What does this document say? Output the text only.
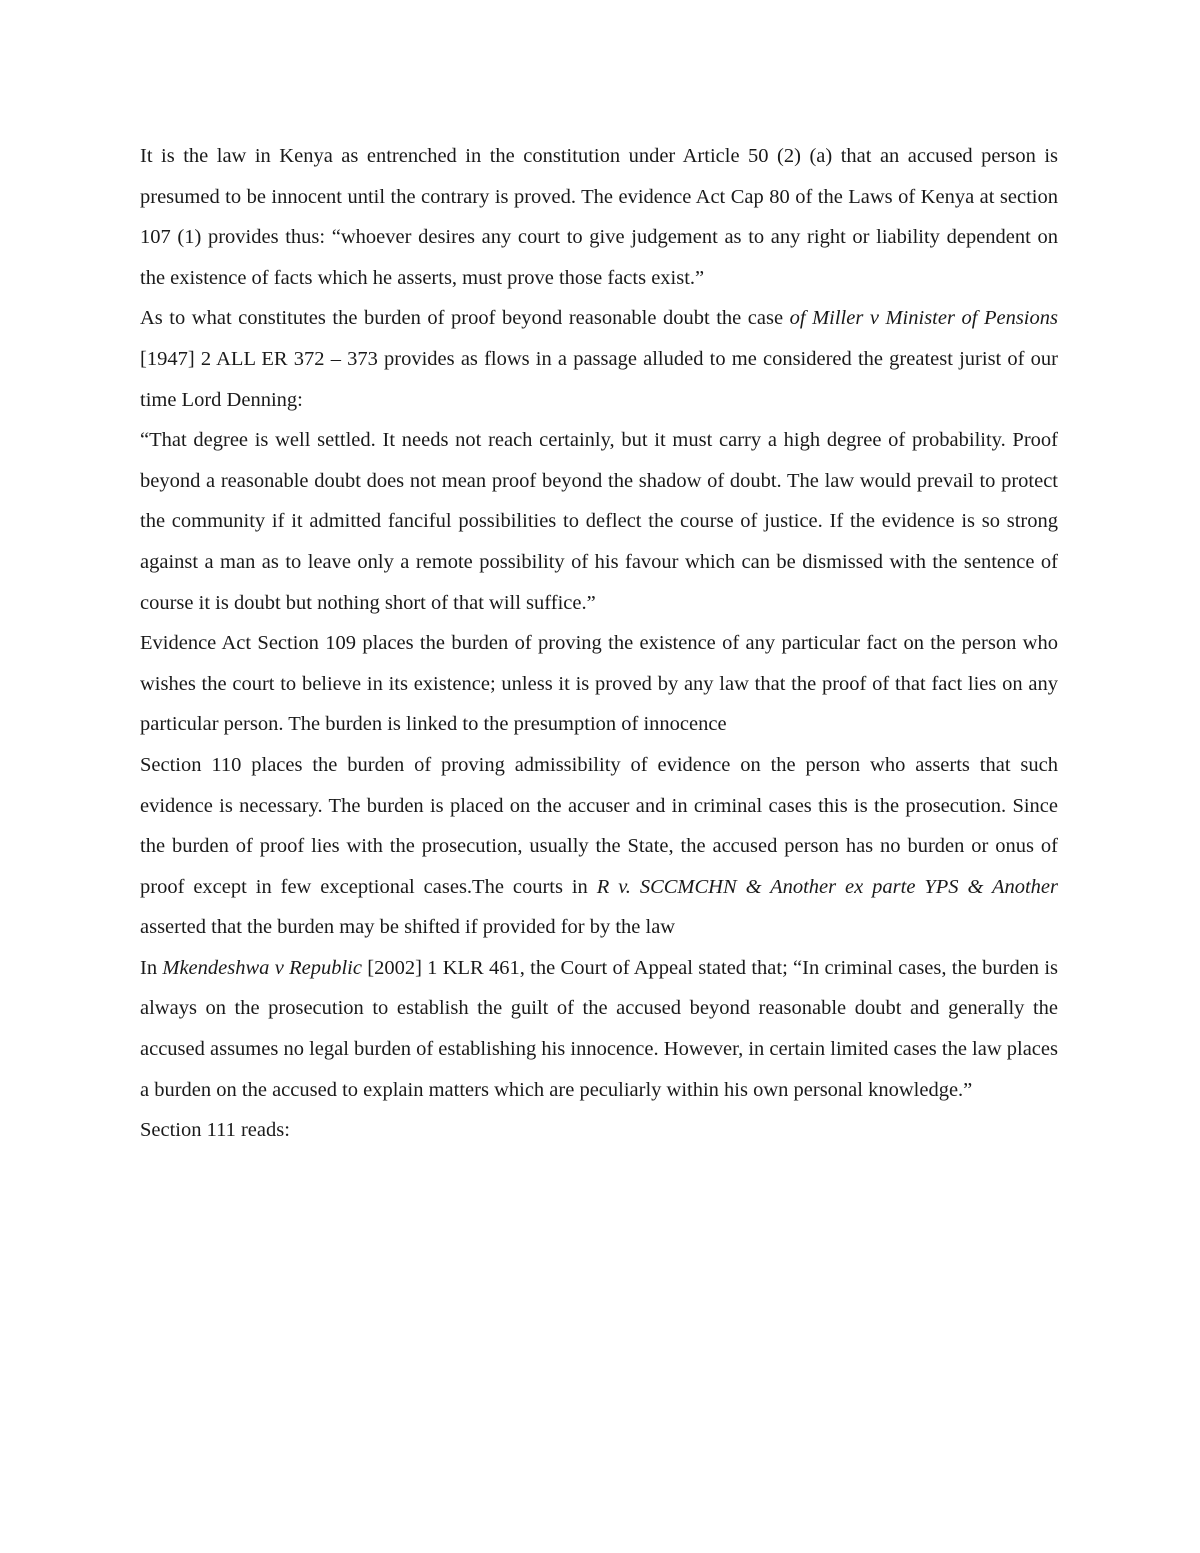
It is the law in Kenya as entrenched in the constitution under Article 50 (2) (a) that an accused person is presumed to be innocent until the contrary is proved. The evidence Act Cap 80 of the Laws of Kenya at section 107 (1) provides thus: “whoever desires any court to give judgement as to any right or liability dependent on the existence of facts which he asserts, must prove those facts exist.”

As to what constitutes the burden of proof beyond reasonable doubt the case of Miller v Minister of Pensions [1947] 2 ALL ER 372 – 373 provides as flows in a passage alluded to me considered the greatest jurist of our time Lord Denning:

“That degree is well settled. It needs not reach certainly, but it must carry a high degree of probability. Proof beyond a reasonable doubt does not mean proof beyond the shadow of doubt. The law would prevail to protect the community if it admitted fanciful possibilities to deflect the course of justice. If the evidence is so strong against a man as to leave only a remote possibility of his favour which can be dismissed with the sentence of course it is doubt but nothing short of that will suffice.”

Evidence Act Section 109 places the burden of proving the existence of any particular fact on the person who wishes the court to believe in its existence; unless it is proved by any law that the proof of that fact lies on any particular person. The burden is linked to the presumption of innocence

Section 110 places the burden of proving admissibility of evidence on the person who asserts that such evidence is necessary. The burden is placed on the accuser and in criminal cases this is the prosecution. Since the burden of proof lies with the prosecution, usually the State, the accused person has no burden or onus of proof except in few exceptional cases.The courts in R v. SCCMCHN & Another ex parte YPS & Another asserted that the burden may be shifted if provided for by the law

In Mkendeshwa v Republic [2002] 1 KLR 461, the Court of Appeal stated that; “In criminal cases, the burden is always on the prosecution to establish the guilt of the accused beyond reasonable doubt and generally the accused assumes no legal burden of establishing his innocence. However, in certain limited cases the law places a burden on the accused to explain matters which are peculiarly within his own personal knowledge.”

Section 111 reads:
